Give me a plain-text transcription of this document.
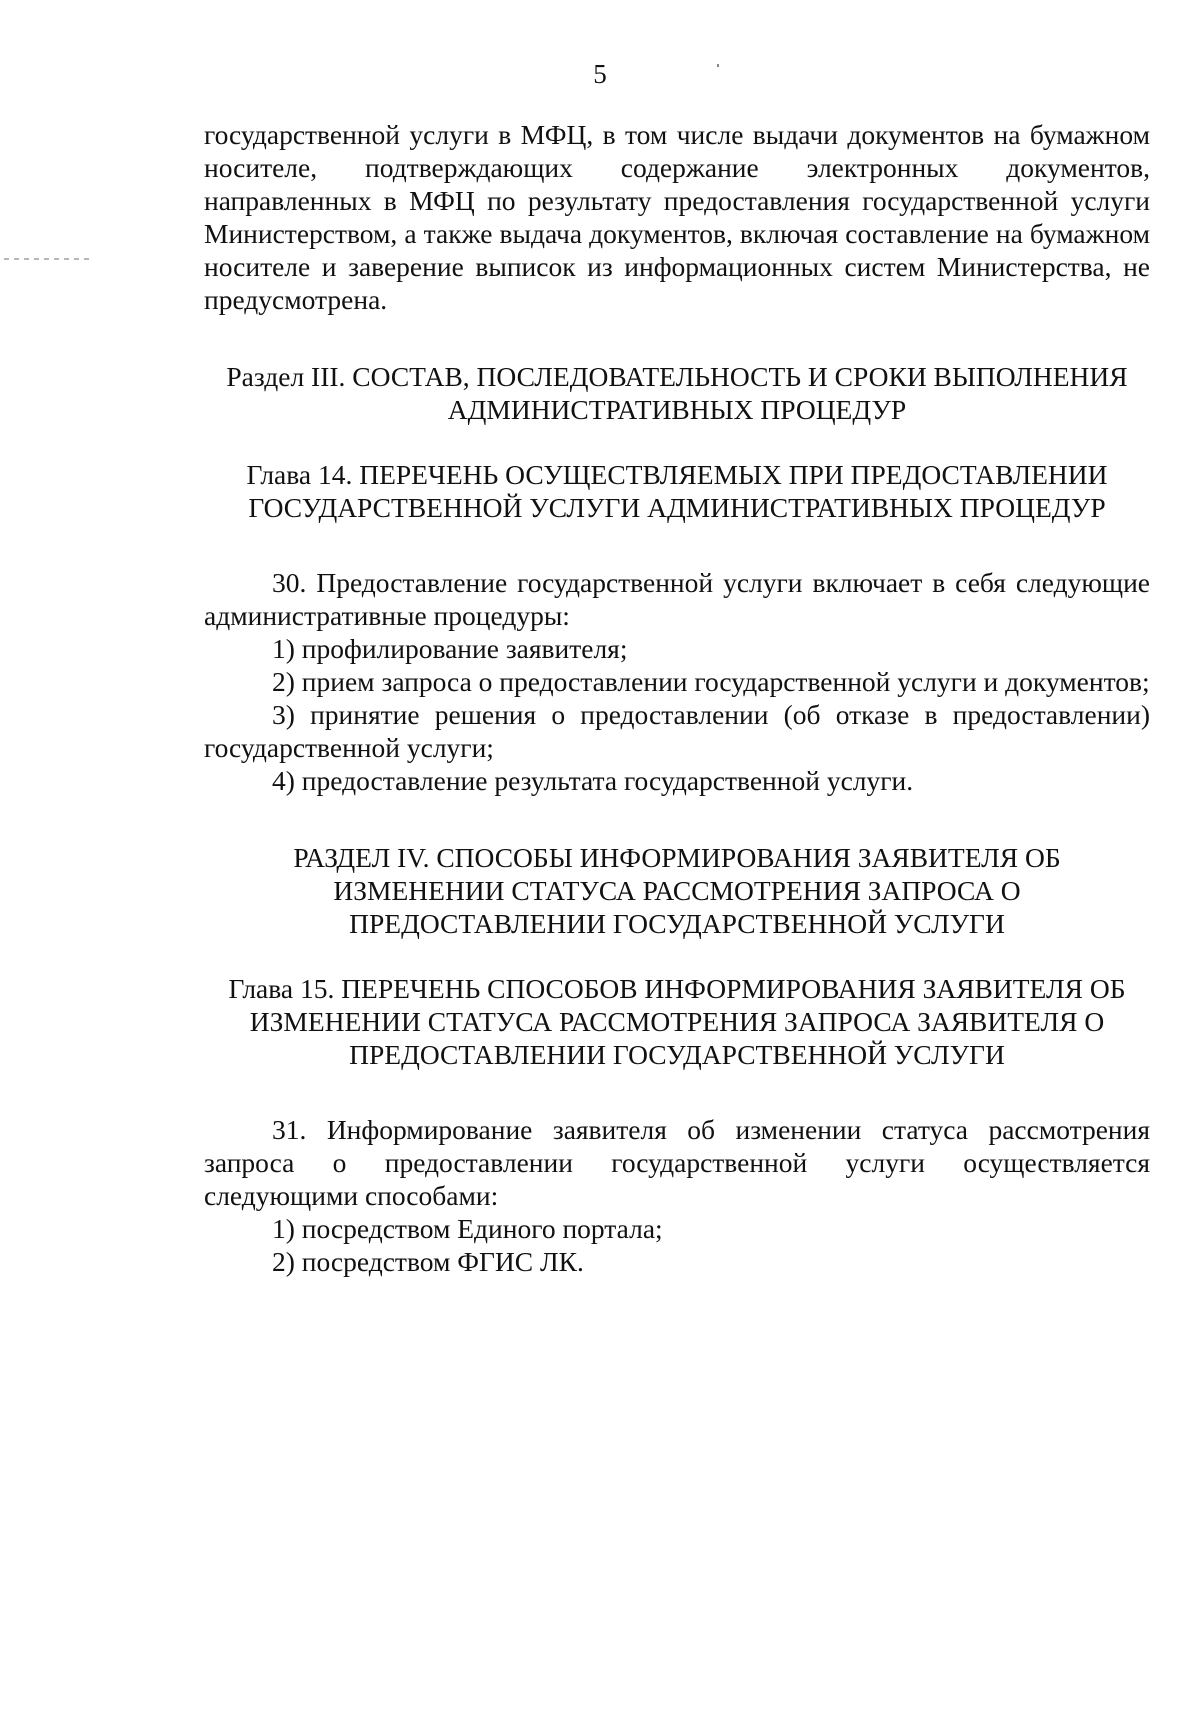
5

государственной услуги в МФЦ, в том числе выдачи документов на бумажном носителе, подтверждающих содержание электронных документов, направленных в МФЦ по результату предоставления государственной услуги Министерством, а также выдача документов, включая составление на бумажном носителе и заверение выписок из информационных систем Министерства, не предусмотрена.

Раздел III. СОСТАВ, ПОСЛЕДОВАТЕЛЬНОСТЬ И СРОКИ ВЫПОЛНЕНИЯ

АДМИНИСТРАТИВНЫХ ПРОЦЕДУР

Глава 14. ПЕРЕЧЕНЬ ОСУЩЕСТВЛЯЕМЫХ ПРИ ПРЕДОСТАВЛЕНИИ

ГОСУДАРСТВЕННОЙ УСЛУГИ АДМИНИСТРАТИВНЫХ ПРОЦЕДУР

30. Предоставление государственной услуги включает в себя следующие административные процедуры:

1) профилирование заявителя;

2) прием запроса о предоставлении государственной услуги и документов;

3) принятие решения о предоставлении (об отказе в предоставлении) государственной услуги;

4) предоставление результата государственной услуги.

РАЗДЕЛ IV. СПОСОБЫ ИНФОРМИРОВАНИЯ ЗАЯВИТЕЛЯ ОБ

ИЗМЕНЕНИИ СТАТУСА РАССМОТРЕНИЯ ЗАПРОСА О

ПРЕДОСТАВЛЕНИИ ГОСУДАРСТВЕННОЙ УСЛУГИ

Глава 15. ПЕРЕЧЕНЬ СПОСОБОВ ИНФОРМИРОВАНИЯ ЗАЯВИТЕЛЯ ОБ

ИЗМЕНЕНИИ СТАТУСА РАССМОТРЕНИЯ ЗАПРОСА ЗАЯВИТЕЛЯ О

ПРЕДОСТАВЛЕНИИ ГОСУДАРСТВЕННОЙ УСЛУГИ

31. Информирование заявителя об изменении статуса рассмотрения запроса о предоставлении государственной услуги осуществляется следующими способами:

1) посредством Единого портала;

2) посредством ФГИС ЛК.
